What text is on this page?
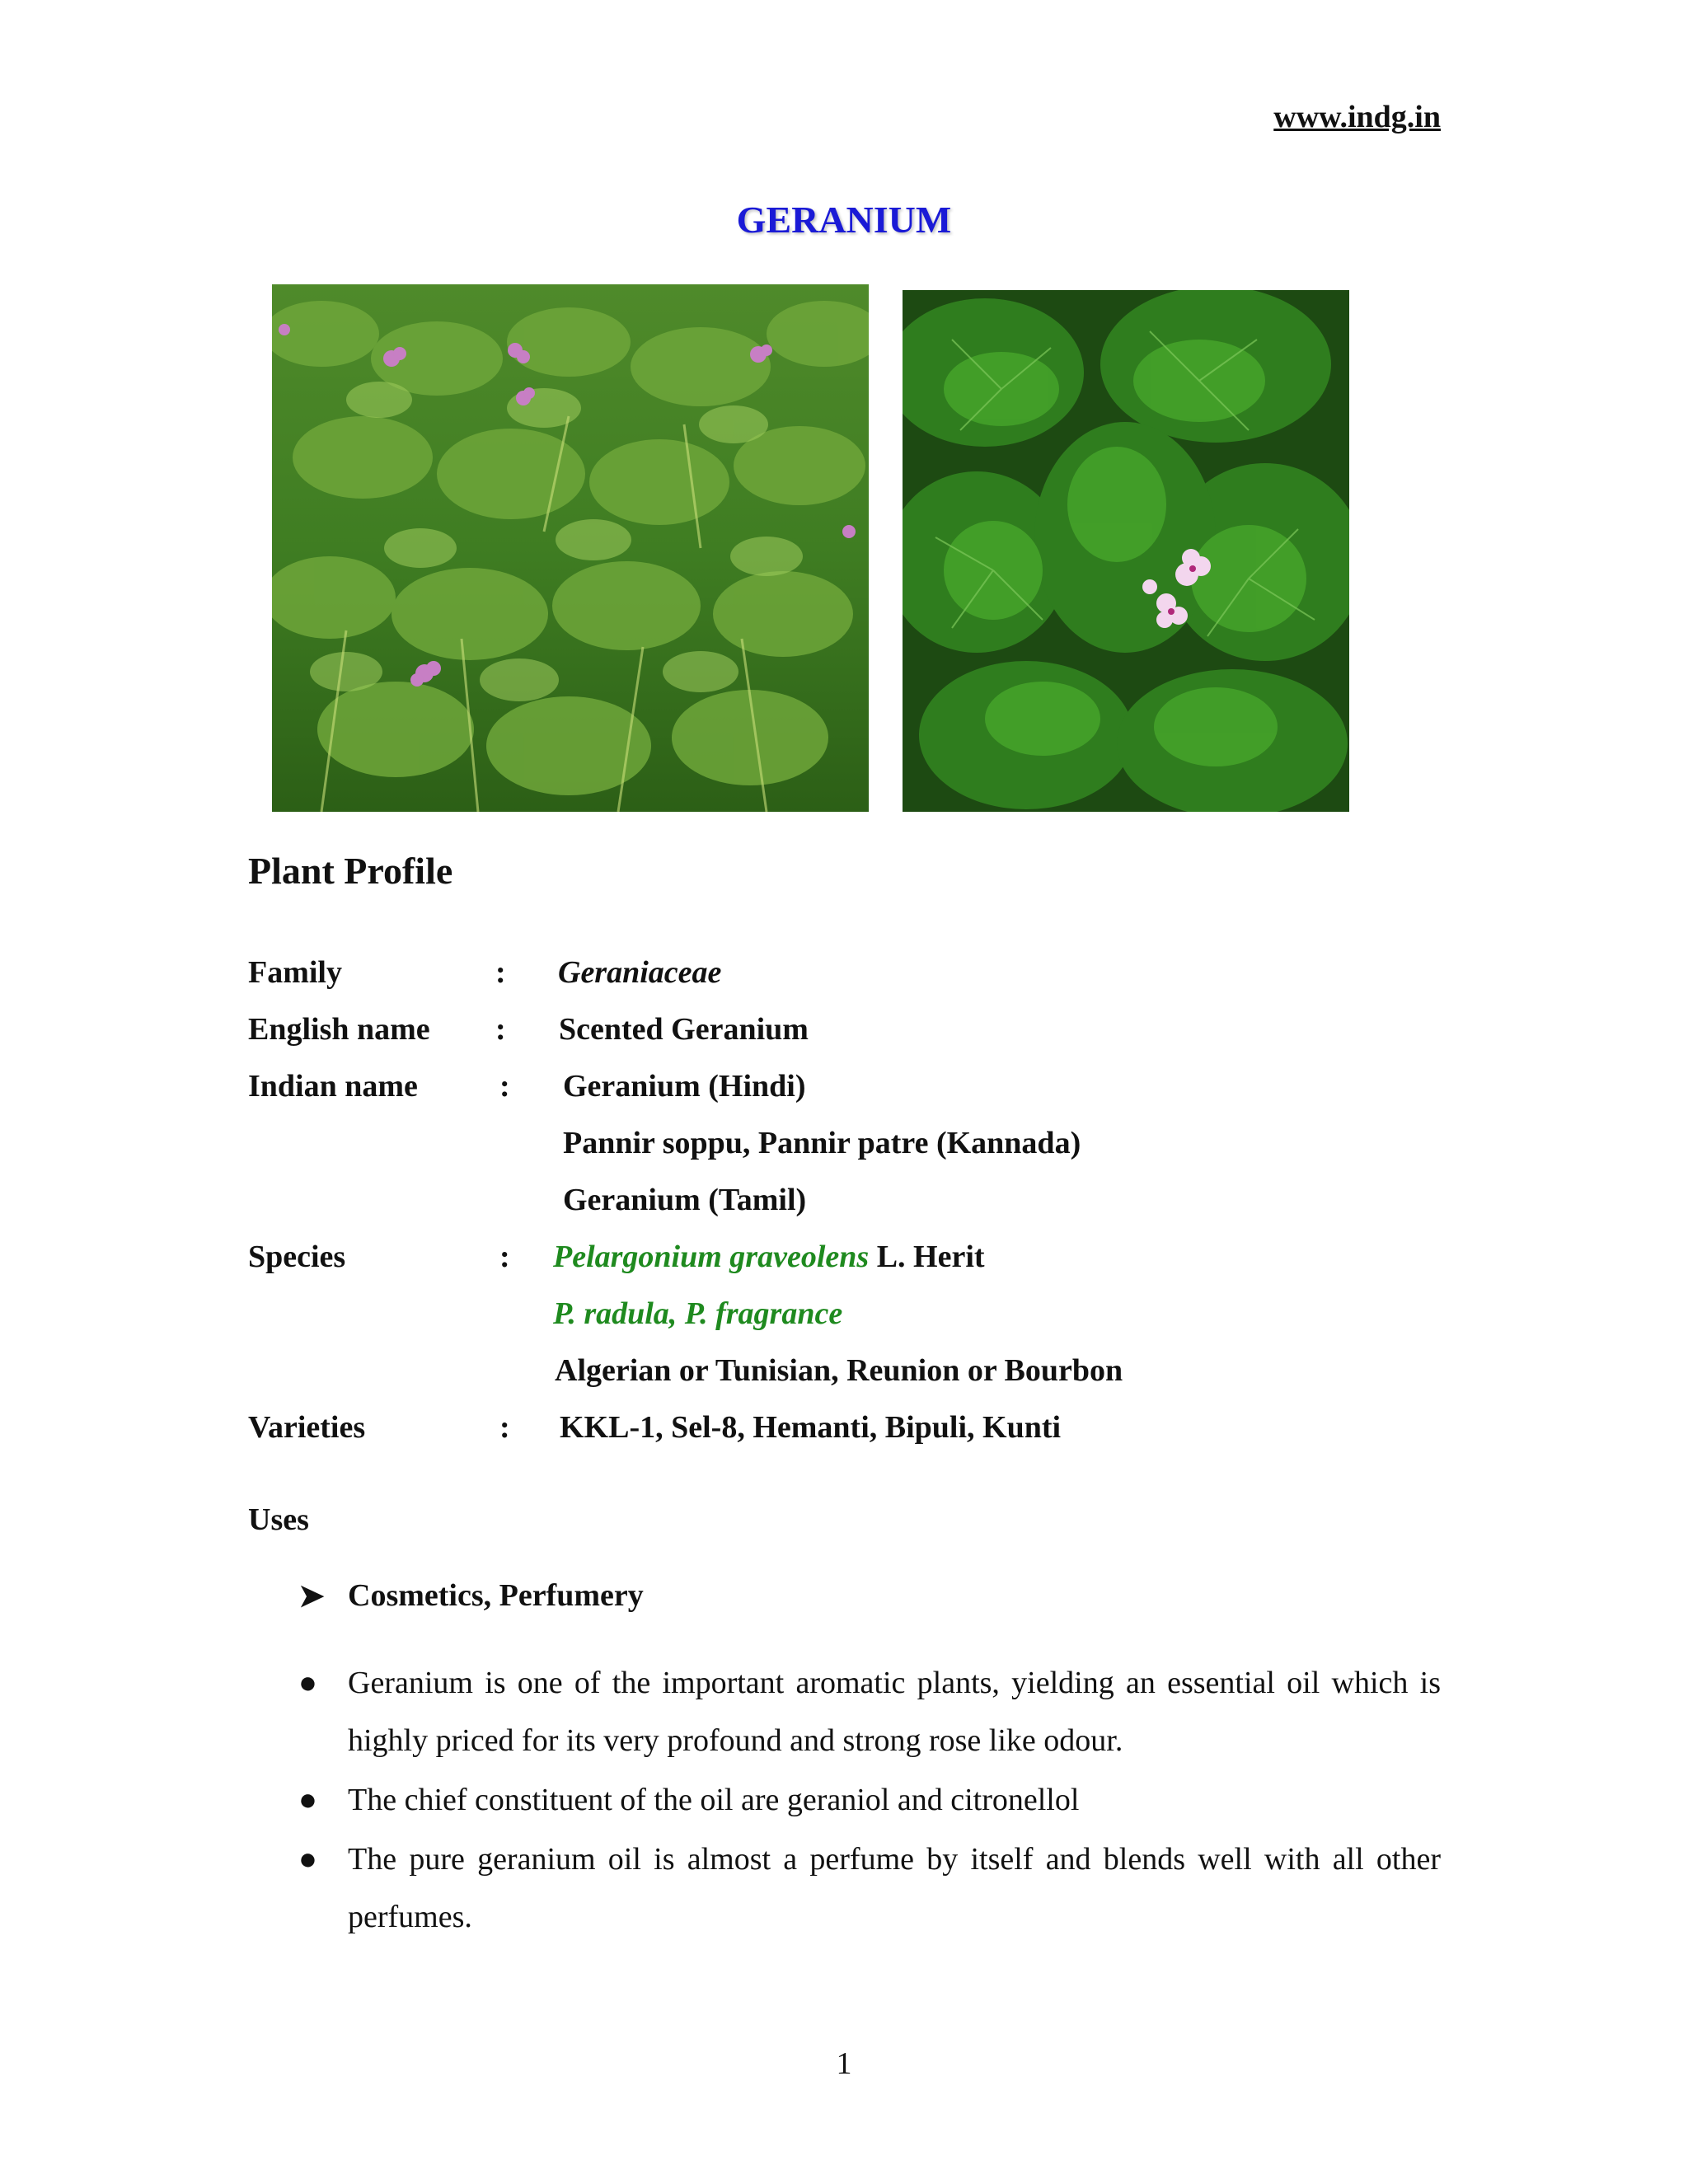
www.indg.in
GERANIUM
Plant Profile
Family	: Geraniaceae
English name : Scented Geranium
Indian name	: Geranium (Hindi)
Pannir soppu, Pannir patre (Kannada)
Geranium (Tamil)
Species	: Pelargonium graveolens L. Herit
P. radula, P. fragrance
Algerian or Tunisian, Reunion or Bourbon
Varieties	: KKL-1, Sel-8, Hemanti, Bipuli, Kunti
Uses
➤ Cosmetics, Perfumery
● Geranium is one of the important aromatic plants, yielding an essential oil which is highly priced for its very profound and strong rose like odour.
● The chief constituent of the oil are geraniol and citronellol
● The pure geranium oil is almost a perfume by itself and blends well with all other perfumes.
1
